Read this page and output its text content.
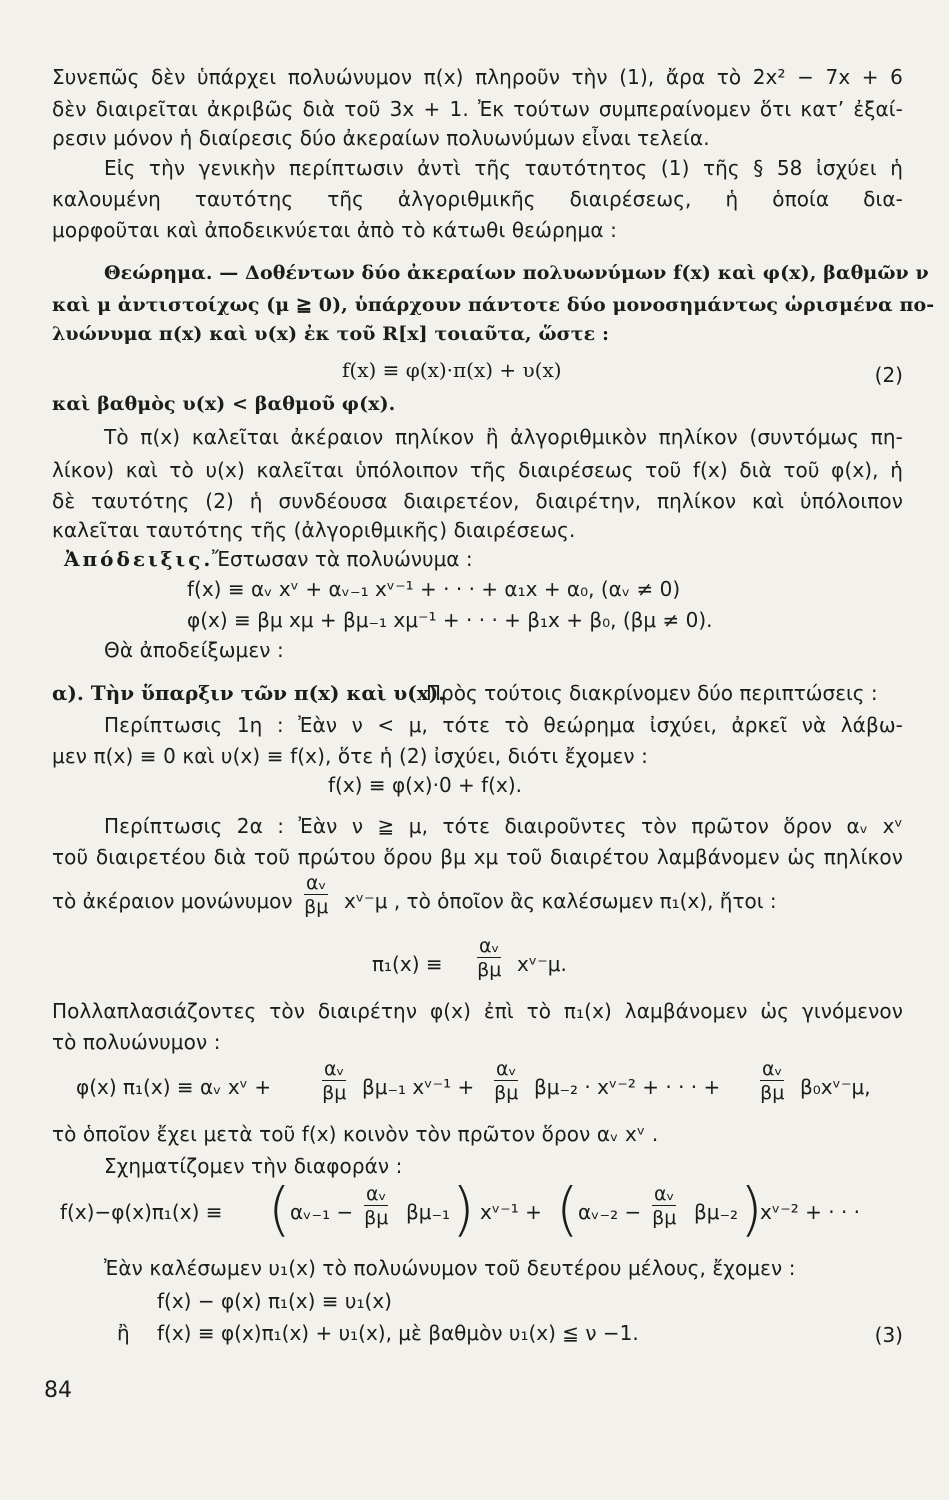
Συνεπῶς δὲν ὑπάρχει πολυώνυμον π(x) πληροῦν τὴν (1), ἄρα τὸ 2x² − 7x + 6
δὲν διαιρεῖται ἀκριβῶς διὰ τοῦ 3x + 1. Ἐκ τούτων συμπεραίνομεν ὅτι κατ’ ἐξαί-
ρεσιν μόνον ἡ διαίρεσις δύο ἀκεραίων πολυωνύμων εἶναι τελεία.
Εἰς τὴν γενικὴν περίπτωσιν ἀντὶ τῆς ταυτότητος (1) τῆς § 58 ἰσχύει ἡ
καλουμένη ταυτότης τῆς ἀλγοριθμικῆς διαιρέσεως, ἡ ὁποία δια-
μορφοῦται καὶ ἀποδεικνύεται ἀπὸ τὸ κάτωθι θεώρημα :
Θεώρημα. — Δοθέντων δύο ἀκεραίων πολυωνύμων f(x) καὶ φ(x), βαθμῶν ν
καὶ μ ἀντιστοίχως (μ ≧ 0), ὑπάρχουν πάντοτε δύο μονοσημάντως ὡρισμένα πο-
λυώνυμα π(x) καὶ υ(x) ἐκ τοῦ R[x] τοιαῦτα, ὥστε :
f(x) ≡ φ(x)·π(x) + υ(x)	(2)
καὶ βαθμὸς υ(x) < βαθμοῦ φ(x).
Τὸ π(x) καλεῖται ἀκέραιον πηλίκον ἢ ἀλγοριθμικὸν πηλίκον (συντόμως πη-
λίκον) καὶ τὸ υ(x) καλεῖται ὑπόλοιπον τῆς διαιρέσεως τοῦ f(x) διὰ τοῦ φ(x), ἡ
δὲ ταυτότης (2) ἡ συνδέουσα διαιρετέον, διαιρέτην, πηλίκον καὶ ὑπόλοιπον
καλεῖται ταυτότης τῆς (ἀλγοριθμικῆς) διαιρέσεως.
Ἀπόδειξις.
Ἔστωσαν τὰ πολυώνυμα :
f(x) ≡ αᵥ xᵛ + αᵥ₋₁ xᵛ⁻¹ + · · · + α₁x + α₀, (αᵥ ≠ 0)
φ(x) ≡ βμ xμ + βμ₋₁ xμ⁻¹ + · · · + β₁x + β₀, (βμ ≠ 0).
Θὰ ἀποδείξωμεν :
α). Τὴν ὕπαρξιν τῶν π(x) καὶ υ(x).
Πρὸς τούτοις διακρίνομεν δύο περιπτώσεις :
Περίπτωσις 1η : Ἐὰν ν < μ, τότε τὸ θεώρημα ἰσχύει, ἀρκεῖ νὰ λάβω-
μεν π(x) ≡ 0 καὶ υ(x) ≡ f(x), ὅτε ἡ (2) ἰσχύει, διότι ἔχομεν :
f(x) ≡ φ(x)·0 + f(x).
Περίπτωσις 2α : Ἐὰν ν ≧ μ, τότε διαιροῦντες τὸν πρῶτον ὅρον αᵥ xᵛ
τοῦ διαιρετέου διὰ τοῦ πρώτου ὅρου βμ xμ τοῦ διαιρέτου λαμβάνομεν ὡς πηλίκον
τὸ ἀκέραιον μονώνυμον $\frac{\text{αᵥ}}{\beta\mu}$ xᵛ⁻μ , τὸ ὁποῖον ἂς καλέσωμεν π₁(x), ἤτοι :
$\pi_1(x) \equiv \frac{\text{αᵥ}}{\beta\mu}$ xᵛ⁻μ.
Πολλαπλασιάζοντες τὸν διαιρέτην φ(x) ἐπὶ τὸ π₁(x) λαμβάνομεν ὡς γινόμενον
τὸ πολυώνυμον :
φ(x) π₁(x) ≡ αᵥ xᵛ +	$\frac{\text{αᵥ}}{\beta\mu} \beta\mu_{-1}$ xᵛ⁻¹ + $\frac{\text{αᵥ}}{\beta\mu} \beta\mu_{-2}$ · xᵛ⁻² + · · · + $\frac{\text{αᵥ}}{\beta\mu}$ β₀xᵛ⁻μ,
τὸ ὁποῖον ἔχει μετὰ τοῦ f(x) κοινὸν τὸν πρῶτον ὅρον αᵥ xᵛ .
Σχηματίζομεν τὴν διαφοράν :
f(x)−φ(x)π₁(x) ≡ ( αᵥ₋₁ − $\frac{\text{αᵥ}}{\beta\mu} \beta\mu_{-1}$ ) xᵛ⁻¹ + ( αᵥ₋₂ − $\frac{\text{αᵥ}}{\beta\mu} \beta\mu_{-2}$ )
xᵛ⁻² + · · ·
Ἐὰν καλέσωμεν υ₁(x) τὸ πολυώνυμον τοῦ δευτέρου μέλους, ἔχομεν :
f(x) − φ(x) π₁(x) ≡ υ₁(x)
ἢ f(x) ≡ φ(x)π₁(x) + υ₁(x), μὲ βαθμὸν υ₁(x) ≦ ν −1.	(3)
84
